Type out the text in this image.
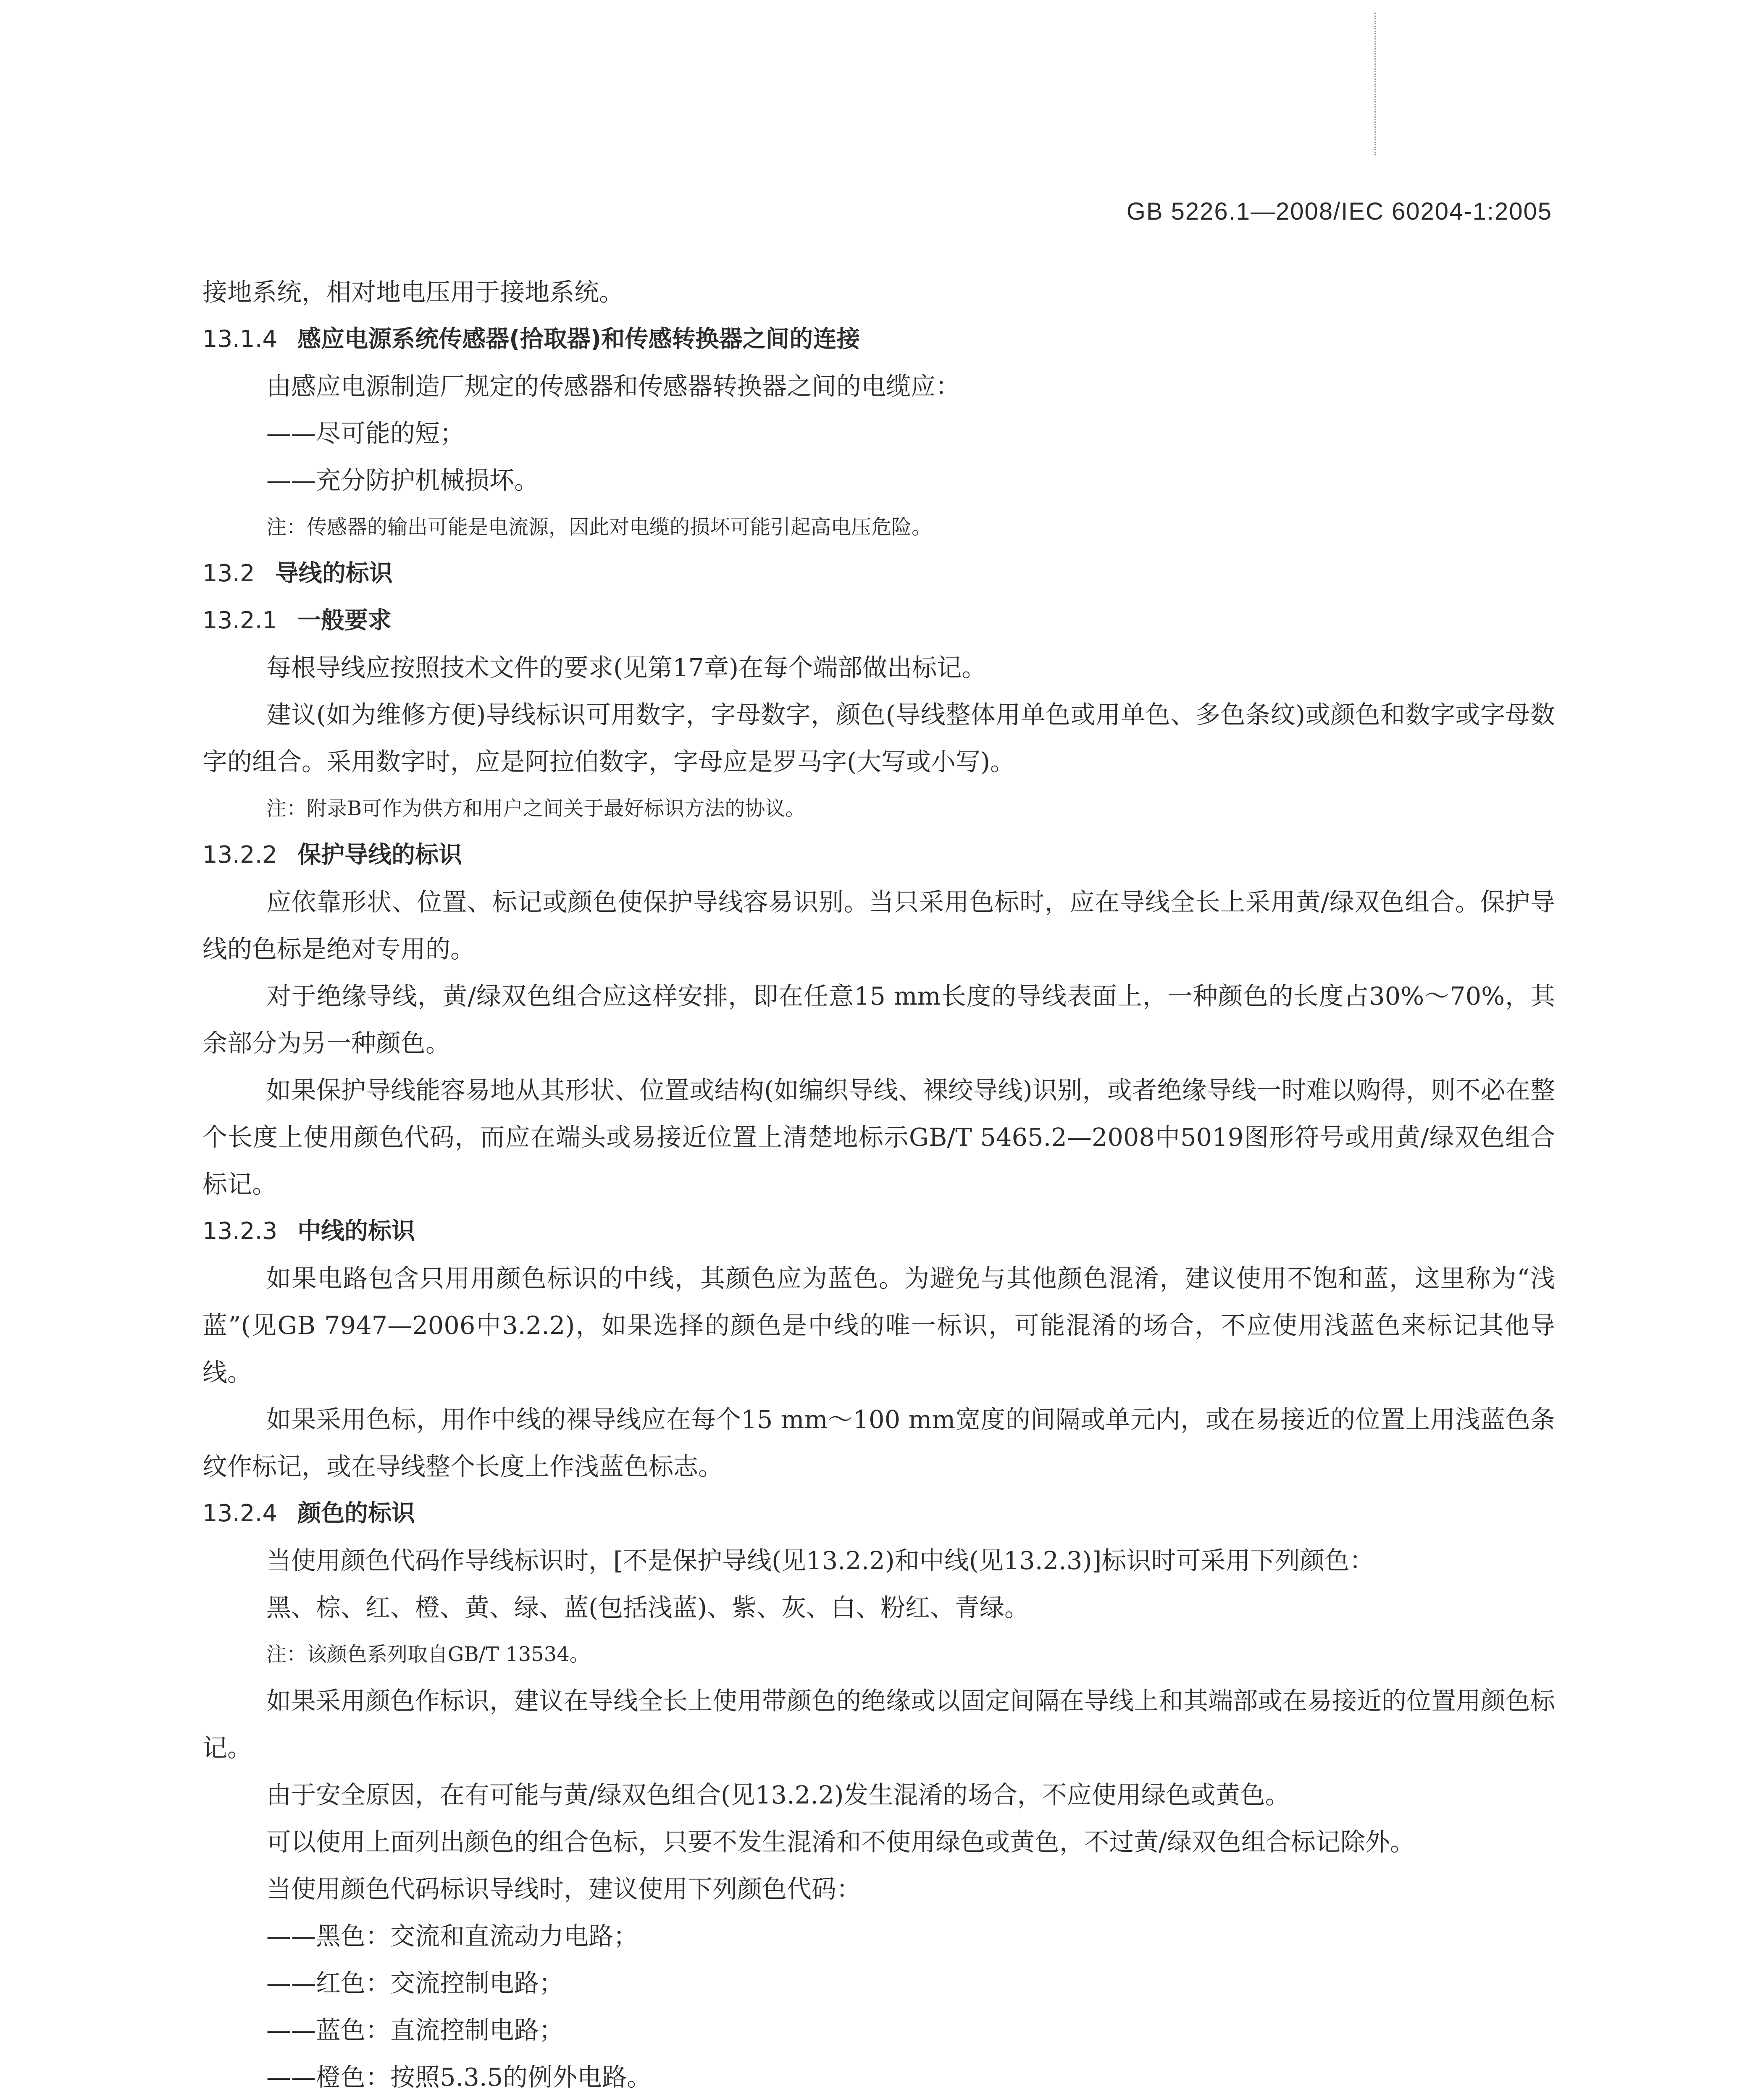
GB 5226.1—2008/IEC 60204-1:2005

接地系统，相对地电压用于接地系统。

13.1.4 感应电源系统传感器(拾取器)和传感转换器之间的连接

由感应电源制造厂规定的传感器和传感器转换器之间的电缆应：

——尽可能的短；

——充分防护机械损坏。

注：传感器的输出可能是电流源，因此对电缆的损坏可能引起高电压危险。

13.2 导线的标识
13.2.1 一般要求

每根导线应按照技术文件的要求(见第17章)在每个端部做出标记。

建议(如为维修方便)导线标识可用数字，字母数字，颜色(导线整体用单色或用单色、多色条纹)或颜色和数字或字母数字的组合。采用数字时，应是阿拉伯数字，字母应是罗马字(大写或小写)。

注：附录B可作为供方和用户之间关于最好标识方法的协议。

13.2.2 保护导线的标识

应依靠形状、位置、标记或颜色使保护导线容易识别。当只采用色标时，应在导线全长上采用黄/绿双色组合。保护导线的色标是绝对专用的。

对于绝缘导线，黄/绿双色组合应这样安排，即在任意15 mm长度的导线表面上，一种颜色的长度占30%～70%，其余部分为另一种颜色。

如果保护导线能容易地从其形状、位置或结构(如编织导线、裸绞导线)识别，或者绝缘导线一时难以购得，则不必在整个长度上使用颜色代码，而应在端头或易接近位置上清楚地标示GB/T 5465.2—2008中5019图形符号或用黄/绿双色组合标记。

13.2.3 中线的标识

如果电路包含只用用颜色标识的中线，其颜色应为蓝色。为避免与其他颜色混淆，建议使用不饱和蓝，这里称为“浅蓝”(见GB 7947—2006中3.2.2)，如果选择的颜色是中线的唯一标识，可能混淆的场合，不应使用浅蓝色来标记其他导线。

如果采用色标，用作中线的裸导线应在每个15 mm～100 mm宽度的间隔或单元内，或在易接近的位置上用浅蓝色条纹作标记，或在导线整个长度上作浅蓝色标志。

13.2.4 颜色的标识

当使用颜色代码作导线标识时，[不是保护导线(见13.2.2)和中线(见13.2.3)]标识时可采用下列颜色：

黑、棕、红、橙、黄、绿、蓝(包括浅蓝)、紫、灰、白、粉红、青绿。

注：该颜色系列取自GB/T 13534。

如果采用颜色作标识，建议在导线全长上使用带颜色的绝缘或以固定间隔在导线上和其端部或在易接近的位置用颜色标记。

由于安全原因，在有可能与黄/绿双色组合(见13.2.2)发生混淆的场合，不应使用绿色或黄色。

可以使用上面列出颜色的组合色标，只要不发生混淆和不使用绿色或黄色，不过黄/绿双色组合标记除外。

当使用颜色代码标识导线时，建议使用下列颜色代码：

——黑色：交流和直流动力电路；

——红色：交流控制电路；

——蓝色：直流控制电路；

——橙色：按照5.3.5的例外电路。
